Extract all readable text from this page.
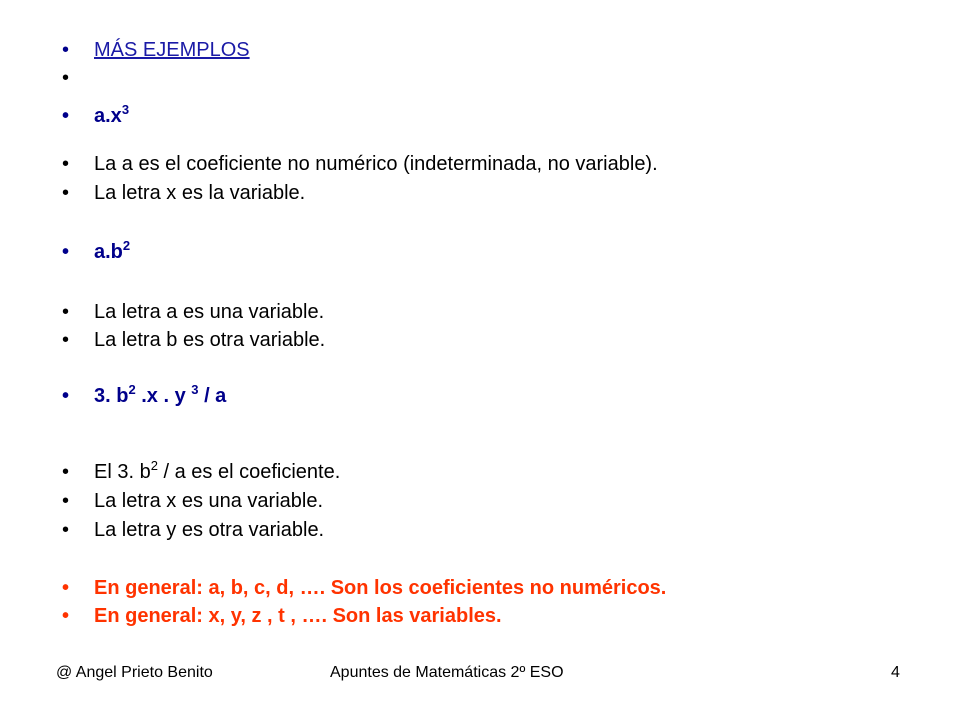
• MÁS EJEMPLOS
•
• $a.x^3$
• La a es el coeficiente no numérico (indeterminada, no variable).
• La letra x es la variable.
• $a.b^2$
• La letra a es una variable.
• La letra b es otra variable.
• 3. $b^2$ .x . y $^3$ / a
• El 3. $b^2$ / a es el coeficiente.
• La letra x es una variable.
• La letra y es otra variable.
• En general: a, b, c, d, …. Son los coeficientes no numéricos.
• En general: x, y, z , t , …. Son las variables.
@ Angel Prieto Benito	Apuntes de Matemáticas 2º ESO	4
